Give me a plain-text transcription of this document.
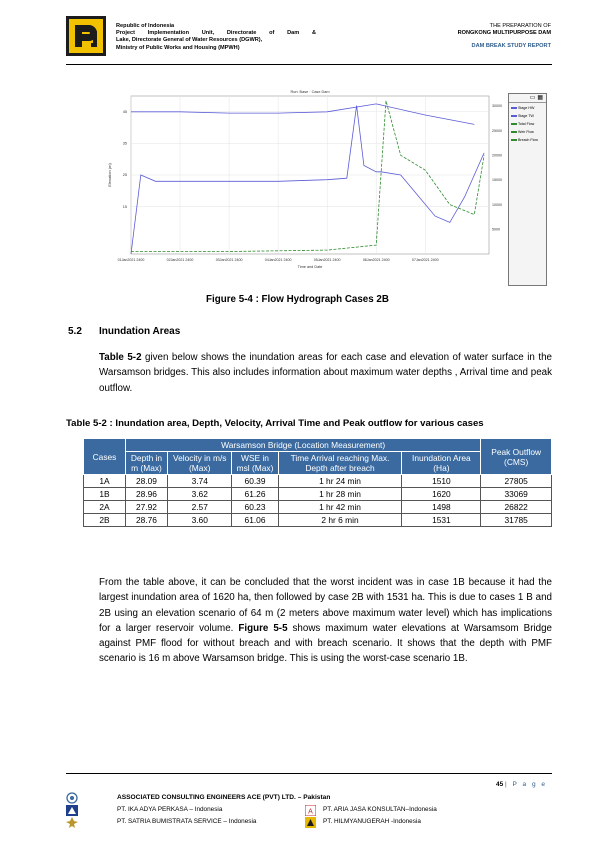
Republic of Indonesia
Project Implementation Unit, Directorate of Dam &
Lake, Directorate General of Water Resources (DGWR),
Ministry of Public Works and Housing (MPWH)
THE PREPARATION OF
RONGKONG MULTIPURPOSE DAM
DAM BREAK STUDY REPORT
01Jan2021 2400	02Jan2021 2400	03Jan2021 2400	04Jan2021 2400	05Jan2021 2400	06Jan2021 2400	07Jan2021 2400
45
35
25
15
30000
25000
20000
15000
10000
5000
Run: Base · Case Dam
Time and Date
Elevation (m)
▭ ▦
Stage HW
Stage TW
Total Flow
Weir Flow
Breach Flow
Figure 5-4 : Flow Hydrograph Cases 2B
5.2 Inundation Areas
Table 5-2 given below shows the inundation areas for each case and elevation of water surface in the Warsamson bridges. This also includes information about maximum water depths , Arrival time and peak outflow.
Table 5-2 : Inundation area, Depth, Velocity, Arrival Time and Peak outflow for various cases
Cases	Warsamson Bridge (Location Measurement)					Peak Outflow (CMS)
	Depth in m (Max)	Velocity in m/s (Max)	WSE in msl (Max)	Time Arrival reaching Max. Depth after breach	Inundation Area (Ha)	
1A	28.09	3.74	60.39	1 hr 24 min	1510	27805
1B	28.96	3.62	61.26	1 hr 28 min	1620	33069
2A	27.92	2.57	60.23	1 hr 42 min	1498	26822
2B	28.76	3.60	61.06	2 hr 6 min	1531	31785
From the table above, it can be concluded that the worst incident was in case 1B because it had the largest inundation area of 1620 ha, then followed by case 2B with 1531 ha. This is due to cases 1 B and 2B using an elevation scenario of 64 m (2 meters above maximum water level) which has implications for a larger reservoir volume. Figure 5-5 shows maximum water elevations at Warsamsom Bridge against PMF flood for without breach and with breach scenario. It shows that the depth with PMF scenario is 16 m above Warsamson bridge. This is using the worst-case scenario 1B.
45 | P a g e
ASSOCIATED CONSULTING ENGINEERS ACE (PVT) LTD. – Pakistan
PT. IKA ADYA PERKASA – Indonesia
PT. SATRIA BUMISTRATA SERVICE – Indonesia
A PT. ARIA JASA KONSULTAN–Indonesia
PT. HILMYANUGERAH -Indonesia
